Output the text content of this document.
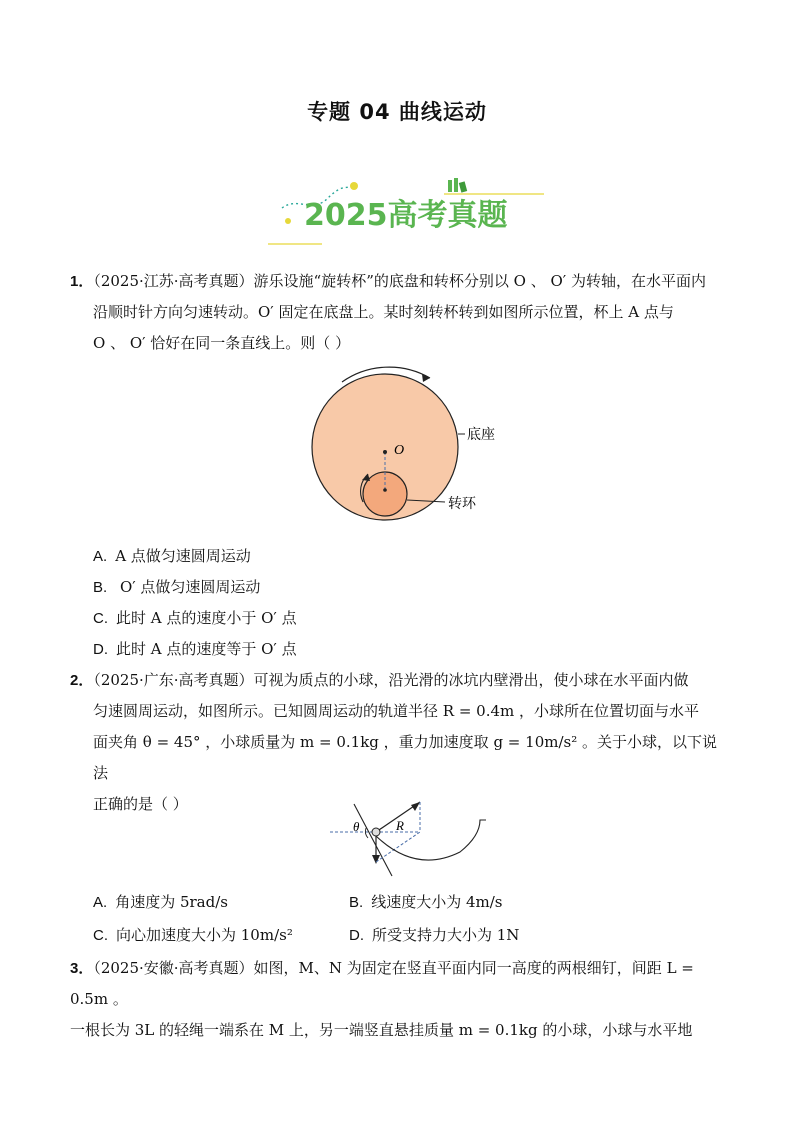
专题 04 曲线运动
2025高考真题
1．（2025·江苏·高考真题）游乐设施“旋转杯”的底盘和转杯分别以 O 、 O′ 为转轴，在水平面内
沿顺时针方向匀速转动。O′ 固定在底盘上。某时刻转杯转到如图所示位置，杯上 A 点与
O 、 O′ 恰好在同一条直线上。则（ ）
O
底座
转环
A. A 点做匀速圆周运动
B. O′ 点做匀速圆周运动
C. 此时 A 点的速度小于 O′ 点
D. 此时 A 点的速度等于 O′ 点
2．（2025·广东·高考真题）可视为质点的小球，沿光滑的冰坑内壁滑出，使小球在水平面内做
匀速圆周运动，如图所示。已知圆周运动的轨道半径 R = 0.4m ，小球所在位置切面与水平
面夹角 θ = 45° ，小球质量为 m = 0.1kg ，重力加速度取 g = 10m/s² 。关于小球，以下说法
正确的是（ ）
θ	R
A. 角速度为 5rad/s	B. 线速度大小为 4m/s
C. 向心加速度大小为 10m/s²	D. 所受支持力大小为 1N
3．（2025·安徽·高考真题）如图，M、N 为固定在竖直平面内同一高度的两根细钉，间距 L = 0.5m 。
一根长为 3L 的轻绳一端系在 M 上，另一端竖直悬挂质量 m = 0.1kg 的小球，小球与水平地
